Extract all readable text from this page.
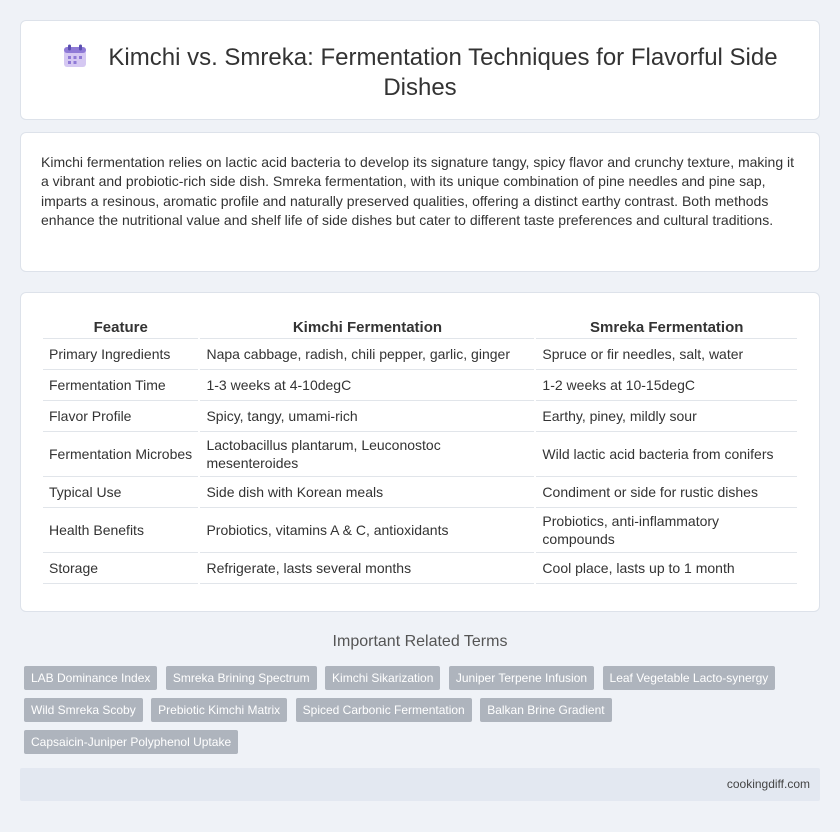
Kimchi vs. Smreka: Fermentation Techniques for Flavorful Side Dishes

Kimchi fermentation relies on lactic acid bacteria to develop its signature tangy, spicy flavor and crunchy texture, making it a vibrant and probiotic-rich side dish. Smreka fermentation, with its unique combination of pine needles and pine sap, imparts a resinous, aromatic profile and naturally preserved qualities, offering a distinct earthy contrast. Both methods enhance the nutritional value and shelf life of side dishes but cater to different taste preferences and cultural traditions.

Feature	Kimchi Fermentation	Smreka Fermentation
Primary Ingredients	Napa cabbage, radish, chili pepper, garlic, ginger	Spruce or fir needles, salt, water
Fermentation Time	1-3 weeks at 4-10degC	1-2 weeks at 10-15degC
Flavor Profile	Spicy, tangy, umami-rich	Earthy, piney, mildly sour
Fermentation Microbes	Lactobacillus plantarum, Leuconostoc mesenteroides	Wild lactic acid bacteria from conifers
Typical Use	Side dish with Korean meals	Condiment or side for rustic dishes
Health Benefits	Probiotics, vitamins A & C, antioxidants	Probiotics, anti-inflammatory compounds
Storage	Refrigerate, lasts several months	Cool place, lasts up to 1 month
Important Related Terms
LAB Dominance Index Smreka Brining Spectrum Kimchi Sikarization Juniper Terpene Infusion Leaf Vegetable Lacto-synergy Wild Smreka Scoby Prebiotic Kimchi Matrix Spiced Carbonic Fermentation Balkan Brine Gradient Capsaicin-Juniper Polyphenol Uptake
cookingdiff.com
